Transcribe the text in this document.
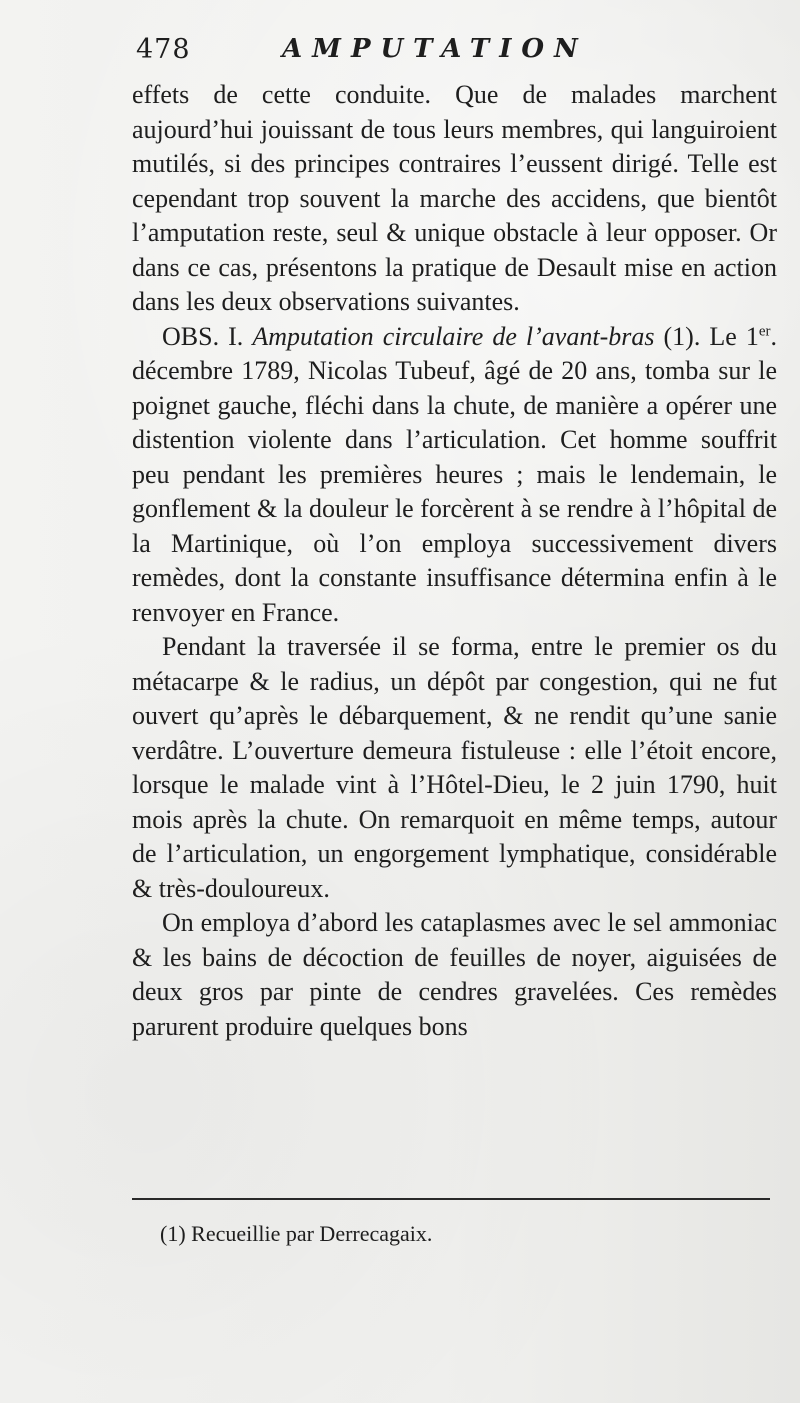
478	AMPUTATION

effets de cette conduite. Que de malades marchent aujourd’hui jouissant de tous leurs membres, qui languiroient mutilés, si des principes contraires l’eussent dirigé. Telle est cependant trop souvent la marche des accidens, que bientôt l’amputation reste, seul & unique obstacle à leur opposer. Or dans ce cas, présentons la pratique de Desault mise en action dans les deux observations suivantes.

OBS. I. Amputation circulaire de l’avant-bras (1). Le 1er. décembre 1789, Nicolas Tubeuf, âgé de 20 ans, tomba sur le poignet gauche, fléchi dans la chute, de manière a opérer une distention violente dans l’articulation. Cet homme souffrit peu pendant les premières heures ; mais le lendemain, le gonflement & la douleur le forcèrent à se rendre à l’hôpital de la Martinique, où l’on employa successivement divers remèdes, dont la constante insuffisance détermina enfin à le renvoyer en France.

Pendant la traversée il se forma, entre le premier os du métacarpe & le radius, un dépôt par congestion, qui ne fut ouvert qu’après le débarquement, & ne rendit qu’une sanie verdâtre. L’ouverture demeura fistuleuse : elle l’étoit encore, lorsque le malade vint à l’Hôtel-Dieu, le 2 juin 1790, huit mois après la chute. On remarquoit en même temps, autour de l’articulation, un engorgement lymphatique, considérable & très-douloureux.

On employa d’abord les cataplasmes avec le sel ammoniac & les bains de décoction de feuilles de noyer, aiguisées de deux gros par pinte de cendres gravelées. Ces remèdes parurent produire quelques bons

(1) Recueillie par Derrecagaix.
